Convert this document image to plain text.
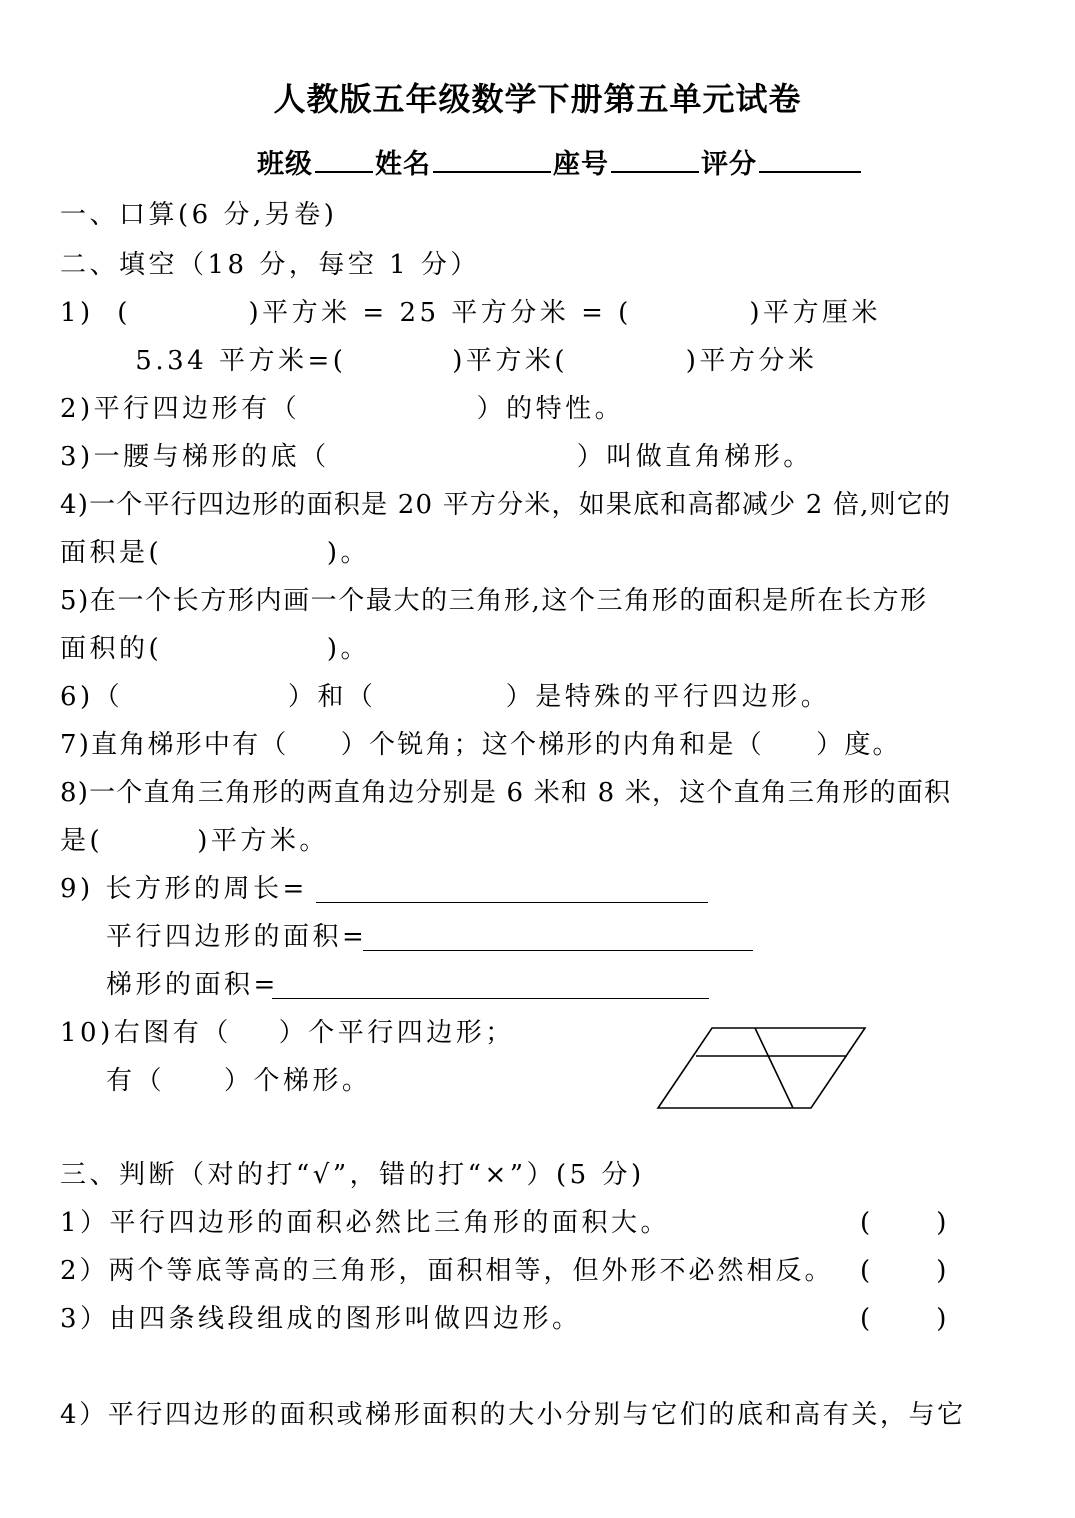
人教版五年级数学下册第五单元试卷
班级 姓名	座号	评分
一、口算(6 分,另卷)
二、填空（18 分，每空 1 分）
1)  (          )平方米 = 25 平方分米 = (          )平方厘米
5.34 平方米=(         )平方米(          )平方分米
2)平行四边形有（               ）的特性。
3)一腰与梯形的底（                     ）叫做直角梯形。
4)一个平行四边形的面积是 20 平方分米，如果底和高都减少 2 倍,则它的
面积是(              )。
5)在一个长方形内画一个最大的三角形,这个三角形的面积是所在长方形
面积的(              )。
6)（              ）和（           ）是特殊的平行四边形。
7)直角梯形中有（     ）个锐角；这个梯形的内角和是（     ）度。
8)一个直角三角形的两直角边分别是 6 米和 8 米，这个直角三角形的面积
是(        )平方米。
9) 长方形的周长=
平行四边形的面积=
梯形的面积=
10)右图有（    ）个平行四边形；
有（     ）个梯形。
三、判断（对的打“√”，错的打“×”）(5 分)
1）平行四边形的面积必然比三角形的面积大。	(        )
2）两个等底等高的三角形，面积相等，但外形不必然相反。 (        )
3）由四条线段组成的图形叫做四边形。	(        )
4）平行四边形的面积或梯形面积的大小分别与它们的底和高有关，与它
